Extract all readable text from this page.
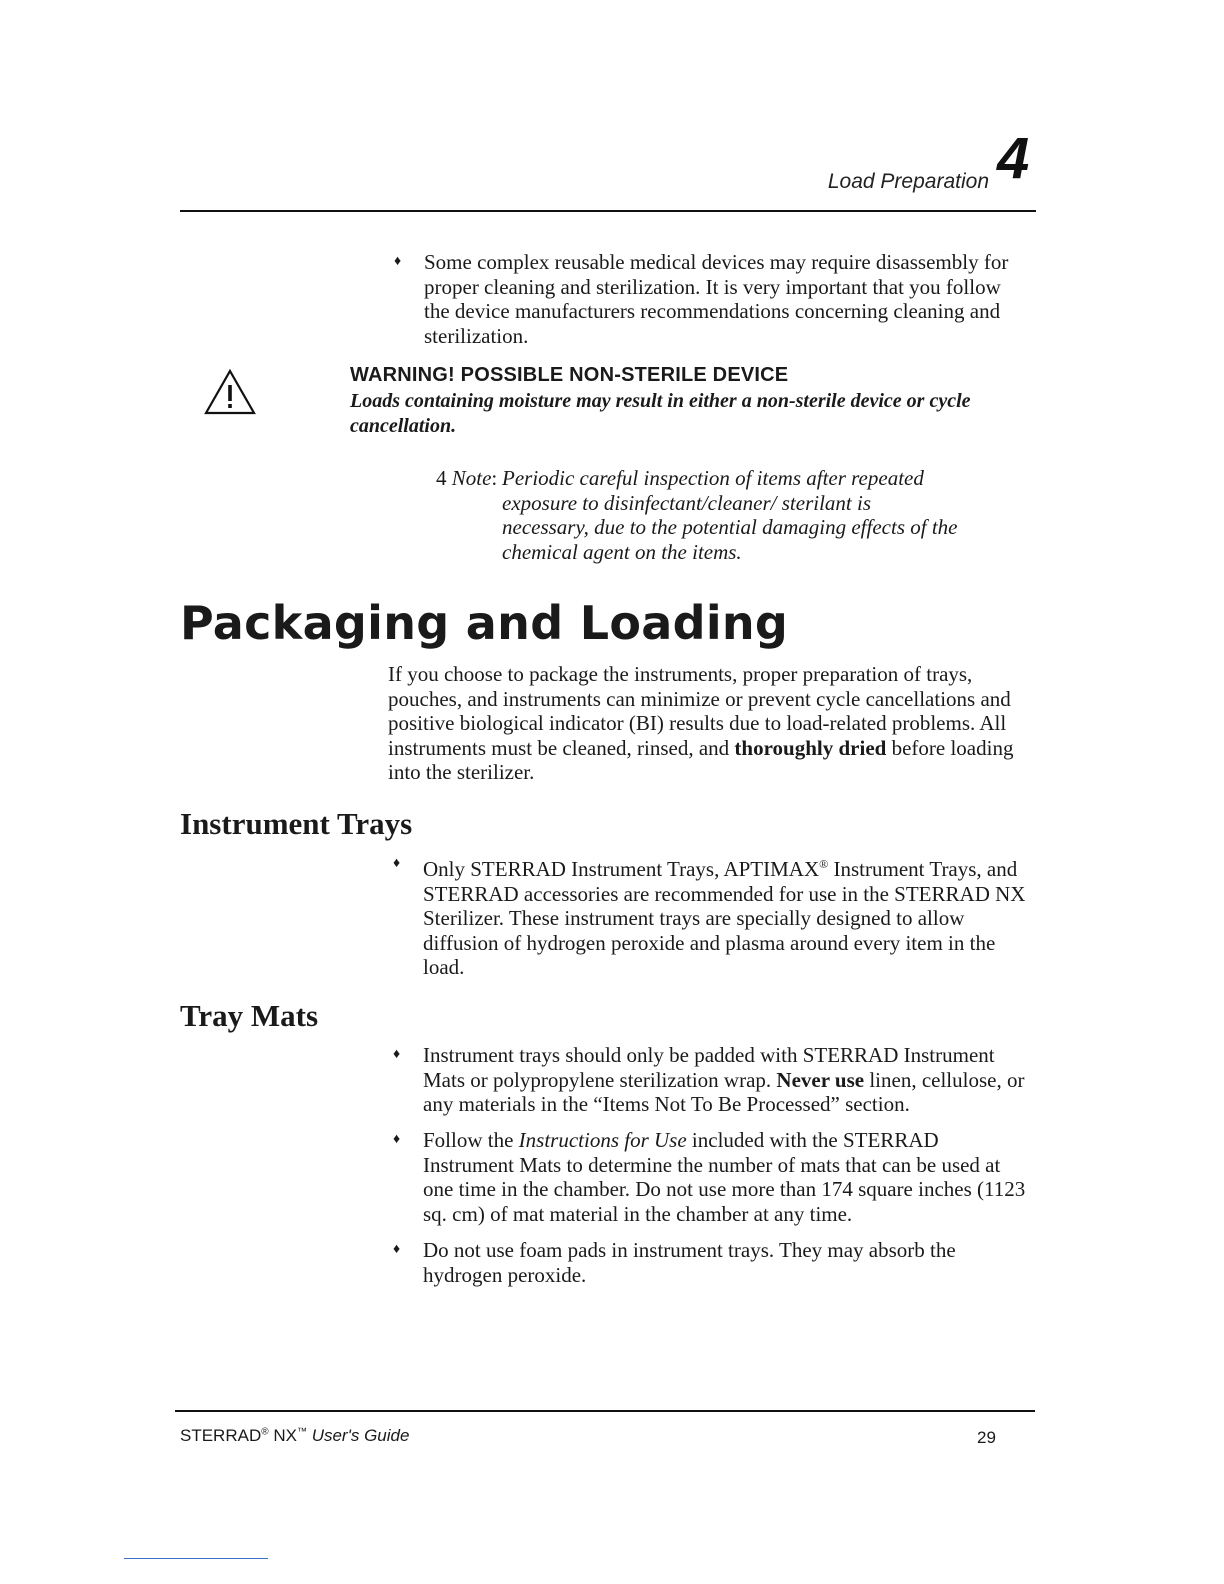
Load Preparation 4
♦ Some complex reusable medical devices may require disassembly for proper cleaning and sterilization. It is very important that you follow the device manufacturers recommendations concerning cleaning and sterilization.
WARNING! POSSIBLE NON-STERILE DEVICE
Loads containing moisture may result in either a non-sterile device or cycle cancellation.
4 Note: Periodic careful inspection of items after repeated exposure to disinfectant/cleaner/ sterilant is necessary, due to the potential damaging effects of the chemical agent on the items.
Packaging and Loading
If you choose to package the instruments, proper preparation of trays, pouches, and instruments can minimize or prevent cycle cancellations and positive biological indicator (BI) results due to load-related problems. All instruments must be cleaned, rinsed, and thoroughly dried before loading into the sterilizer.
Instrument Trays
♦ Only STERRAD Instrument Trays, APTIMAX® Instrument Trays, and STERRAD accessories are recommended for use in the STERRAD NX Sterilizer. These instrument trays are specially designed to allow diffusion of hydrogen peroxide and plasma around every item in the load.
Tray Mats
♦ Instrument trays should only be padded with STERRAD Instrument Mats or polypropylene sterilization wrap. Never use linen, cellulose, or any materials in the “Items Not To Be Processed” section.
♦ Follow the Instructions for Use included with the STERRAD Instrument Mats to determine the number of mats that can be used at one time in the chamber. Do not use more than 174 square inches (1123 sq. cm) of mat material in the chamber at any time.
♦ Do not use foam pads in instrument trays. They may absorb the hydrogen peroxide.
STERRAD® NX™ User's Guide	29
